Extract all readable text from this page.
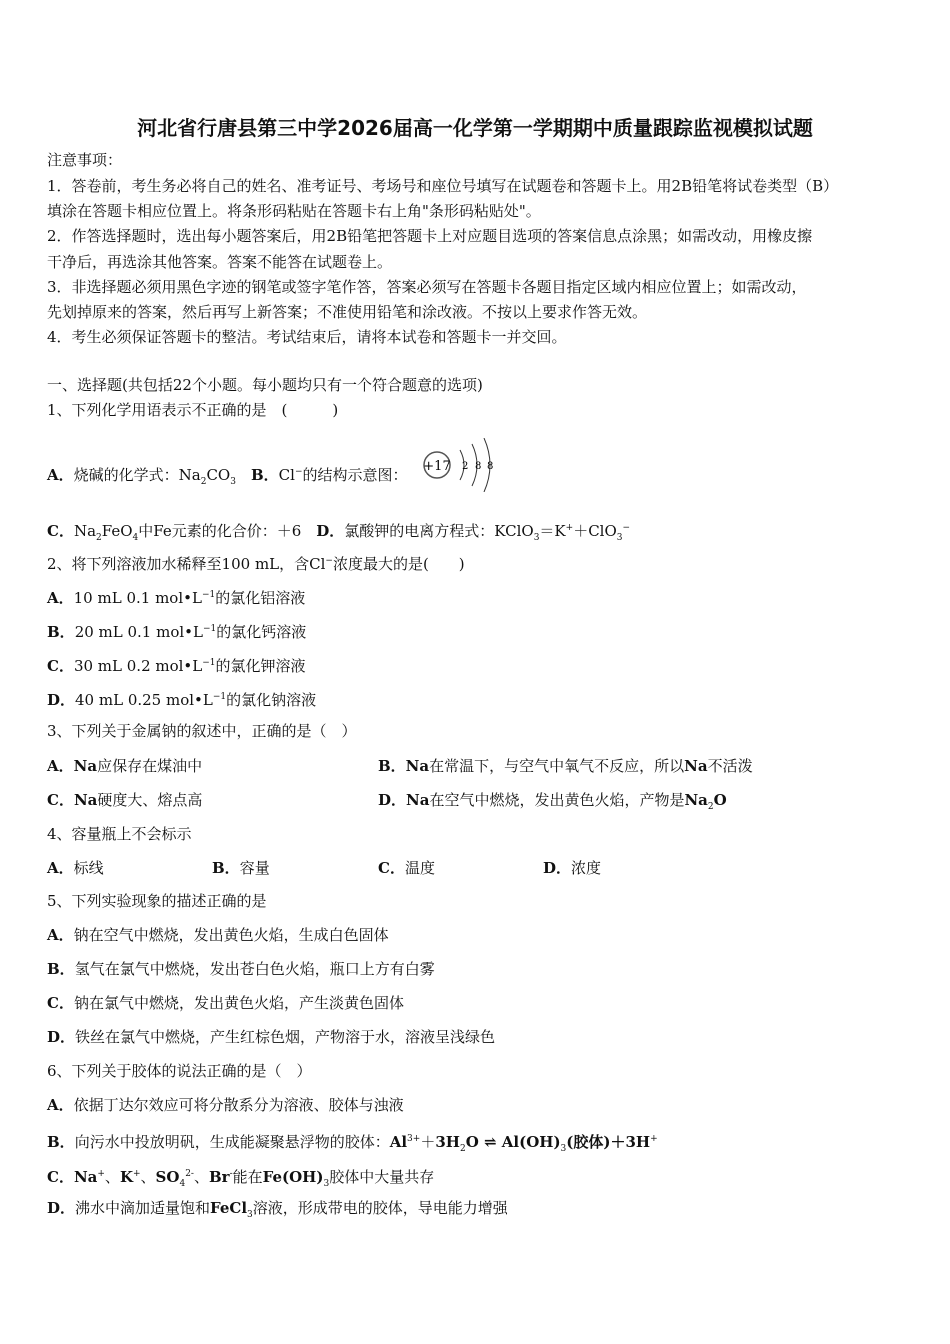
河北省行唐县第三中学2026届高一化学第一学期期中质量跟踪监视模拟试题
注意事项：
一、选择题(共包括22个小题。每小题均只有一个符合题意的选项)
1、下列化学用语表示不正确的是　(　　　)
1．答卷前，考生务必将自己的姓名、准考证号、考场号和座位号填写在试题卷和答题卡上。用2B铅笔将试卷类型（B）
填涂在答题卡相应位置上。将条形码粘贴在答题卡右上角"条形码粘贴处"。
2．作答选择题时，选出每小题答案后，用2B铅笔把答题卡上对应题目选项的答案信息点涂黑；如需改动，用橡皮擦
干净后，再选涂其他答案。答案不能答在试题卷上。
3．非选择题必须用黑色字迹的钢笔或签字笔作答，答案必须写在答题卡各题目指定区域内相应位置上；如需改动，
先划掉原来的答案，然后再写上新答案；不准使用铅笔和涂改液。不按以上要求作答无效。
4．考生必须保证答题卡的整洁。考试结束后，请将本试卷和答题卡一并交回。
A．烧碱的化学式：$Na_2CO_3$　 B．Cl−的结构示意图： +17 2 8 8
C．$Na_2FeO_4$中Fe元素的化合价：＋6　D．氯酸钾的电离方程式：KClO$_3$＝K+＋ClO$_3$−
2、将下列溶液加水稀释至100 mL，含Cl−浓度最大的是(　　)
A．10 mL 0.1 $mol•L^{-1}$的氯化铝溶液
B．20 mL 0.1 $mol•L^{-1}$的氯化钙溶液
C．30 mL 0.2 $mol•L^{-1}$的氯化钾溶液
D．40 mL 0.25 $mol•L^{-1}$的氯化钠溶液
3、下列关于金属钠的叙述中，正确的是（　）
A．Na应保存在煤油中	B．Na在常温下，与空气中氧气不反应，所以Na不活泼
C．Na硬度大、熔点高	D．Na在空气中燃烧，发出黄色火焰，产物是$Na_2O$
4、容量瓶上不会标示
A．标线	B．容量	C．温度	D．浓度
5、下列实验现象的描述正确的是
A．钠在空气中燃烧，发出黄色火焰，生成白色固体
B．氢气在氯气中燃烧，发出苍白色火焰，瓶口上方有白雾
C．钠在氯气中燃烧，发出黄色火焰，产生淡黄色固体
D．铁丝在氯气中燃烧，产生红棕色烟，产物溶于水，溶液呈浅绿色
6、下列关于胶体的说法正确的是（　）
A．依据丁达尔效应可将分散系分为溶液、胶体与浊液
B．向污水中投放明矾，生成能凝聚悬浮物的胶体：$Al^{3+}+3H_2O$ ⇌ $Al(OH)_3$(胶体)＋3H+
C．Na+、K+、$SO_4^{2-}$、Br-能在$Fe(OH)_3$胶体中大量共存
D．沸水中滴加适量饱和FeCl$_3$溶液，形成带电的胶体，导电能力增强
